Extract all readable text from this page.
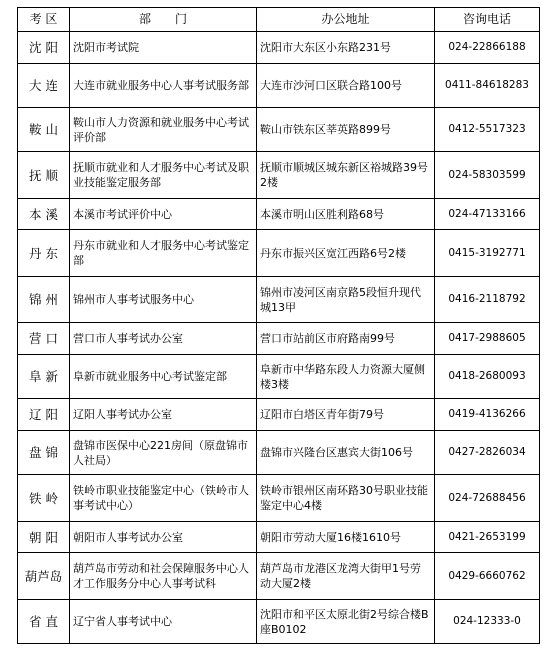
考 区	部　　门	办公地址	咨询电话
沈 阳	沈阳市考试院	沈阳市大东区小东路231号	024-22866188
大 连	大连市就业服务中心人事考试服务部	大连市沙河口区联合路100号	0411-84618283
鞍 山	鞍山市人力资源和就业服务中心考试评价部	鞍山市铁东区莘英路899号	0412-5517323
抚 顺	抚顺市就业和人才服务中心考试及职业技能鉴定服务部	抚顺市顺城区城东新区裕城路39号2楼	024-58303599
本 溪	本溪市考试评价中心	本溪市明山区胜利路68号	024-47133166
丹 东	丹东市就业和人才服务中心考试鉴定部	丹东市振兴区宽江西路6号2楼	0415-3192771
锦 州	锦州市人事考试服务中心	锦州市凌河区南京路5段恒升现代城13甲	0416-2118792
营 口	营口市人事考试办公室	营口市站前区市府路南99号	0417-2988605
阜 新	阜新市就业服务中心考试鉴定部	阜新市中华路东段人力资源大厦侧楼3楼	0418-2680093
辽 阳	辽阳人事考试办公室	辽阳市白塔区青年街79号	0419-4136266
盘 锦	盘锦市医保中心221房间（原盘锦市人社局）	盘锦市兴隆台区惠宾大街106号	0427-2826034
铁 岭	铁岭市职业技能鉴定中心（铁岭市人事考试中心）	铁岭市银州区南环路30号职业技能鉴定中心4楼	024-72688456
朝 阳	朝阳市人事考试办公室	朝阳市劳动大厦16楼1610号	0421-2653199
葫芦岛	葫芦岛市劳动和社会保障服务中心人才工作服务分中心人事考试科	葫芦岛市龙港区龙湾大街甲1号劳动大厦2楼	0429-6660762
省 直	辽宁省人事考试中心	沈阳市和平区太原北街2号综合楼B座B0102	024-12333-0
